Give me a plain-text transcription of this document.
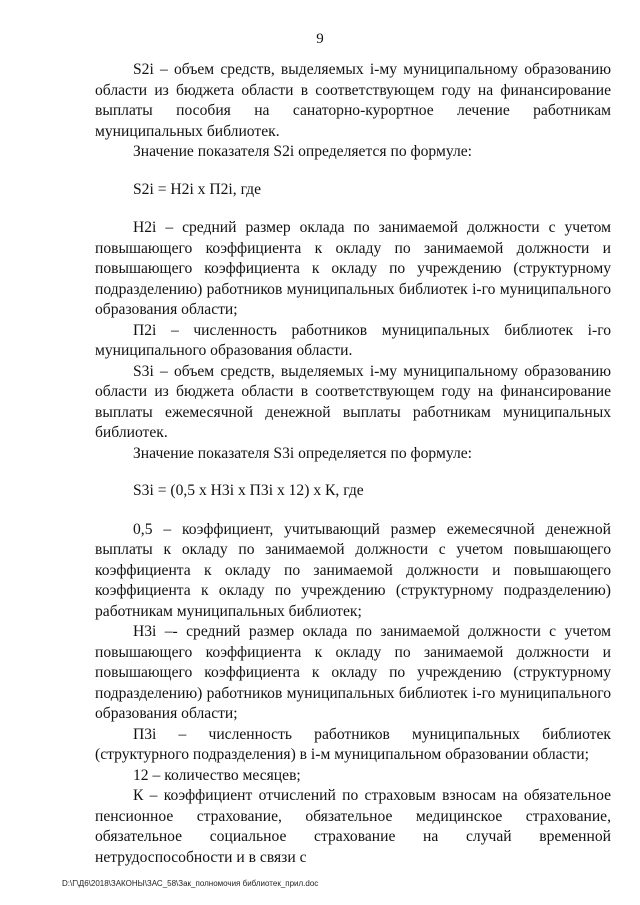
9

S2i – объем средств, выделяемых i-му муниципальному образованию области из бюджета области в соответствующем году на финансирование выплаты пособия на санаторно-курортное лечение работникам муниципальных библиотек.

Значение показателя S2i определяется по формуле:

S2i = Н2i х П2i, где

Н2i – средний размер оклада по занимаемой должности с учетом повышающего коэффициента к окладу по занимаемой должности и повышающего коэффициента к окладу по учреждению (структурному подразделению) работников муниципальных библиотек i-го муниципального образования области;

П2i – численность работников муниципальных библиотек i-го муниципального образования области.

S3i – объем средств, выделяемых i-му муниципальному образованию области из бюджета области в соответствующем году на финансирование выплаты ежемесячной денежной выплаты работникам муниципальных библиотек.

Значение показателя S3i определяется по формуле:

S3i = (0,5 х Н3i х П3i х 12) х К, где

0,5 – коэффициент, учитывающий размер ежемесячной денежной выплаты к окладу по занимаемой должности с учетом повышающего коэффициента к окладу по занимаемой должности и повышающего коэффициента к окладу по учреждению (структурному подразделению) работникам муниципальных библиотек;

Н3i –- средний размер оклада по занимаемой должности с учетом повышающего коэффициента к окладу по занимаемой должности и повышающего коэффициента к окладу по учреждению (структурному подразделению) работников муниципальных библиотек i-го муниципального образования области;

П3i – численность работников муниципальных библиотек (структурного подразделения) в i-м муниципальном образовании области;

12 – количество месяцев;

К – коэффициент отчислений по страховым взносам на обязательное пенсионное страхование, обязательное медицинское страхование, обязательное социальное страхование на случай временной нетрудоспособности и в связи с

D:\Г\Д6\2018\ЗАКОНЫ\ЗАС_58\Зак_полномочия библиотек_прил.doc
